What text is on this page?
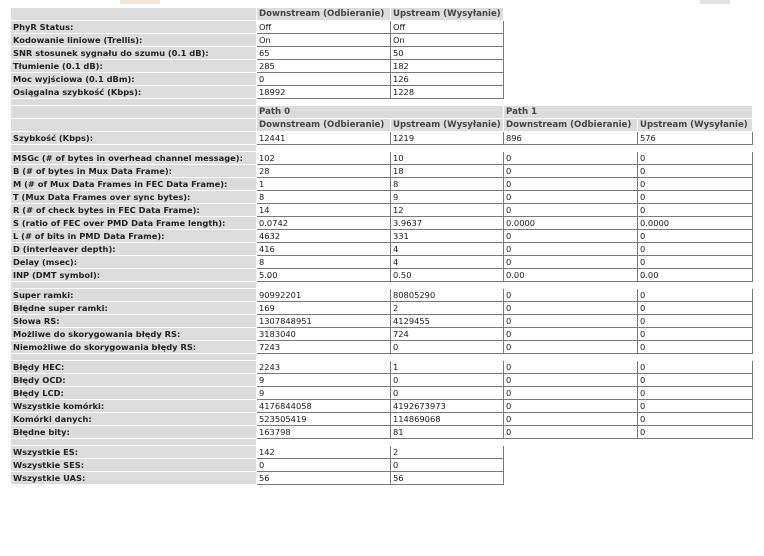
	Downstream (Odbieranie)	Upstream (Wysyłanie)		
PhyR Status:	Off	Off		
Kodowanie liniowe (Trellis):	On	On		
SNR stosunek sygnału do szumu (0.1 dB):	65	50		
Tłumienie (0.1 dB):	285	182		
Moc wyjściowa (0.1 dBm):	0	126		
Osiągalna szybkość (Kbps):	18992	1228		

	Path 0		Path 1	
	Downstream (Odbieranie)	Upstream (Wysyłanie)	Downstream (Odbieranie)	Upstream (Wysyłanie)
Szybkość (Kbps):	12441	1219	896	576

MSGc (# of bytes in overhead channel message):	102	10	0	0
B (# of bytes in Mux Data Frame):	28	18	0	0
M (# of Mux Data Frames in FEC Data Frame):	1	8	0	0
T (Mux Data Frames over sync bytes):	8	9	0	0
R (# of check bytes in FEC Data Frame):	14	12	0	0
S (ratio of FEC over PMD Data Frame length):	0.0742	3.9637	0.0000	0.0000
L (# of bits in PMD Data Frame):	4632	331	0	0
D (interleaver depth):	416	4	0	0
Delay (msec):	8	4	0	0
INP (DMT symbol):	5.00	0.50	0.00	0.00

Super ramki:	90992201	80805290	0	0
Błędne super ramki:	169	2	0	0
Słowa RS:	1307848951	4129455	0	0
Możliwe do skorygowania błędy RS:	3183040	724	0	0
Niemożliwe do skorygowania błędy RS:	7243	0	0	0

Błędy HEC:	2243	1	0	0
Błędy OCD:	9	0	0	0
Błędy LCD:	9	0	0	0
Wszystkie komórki:	4176844058	4192673973	0	0
Komórki danych:	523505419	114869068	0	0
Błędne bity:	163798	81	0	0

Wszystkie ES:	142	2		
Wszystkie SES:	0	0		
Wszystkie UAS:	56	56		
